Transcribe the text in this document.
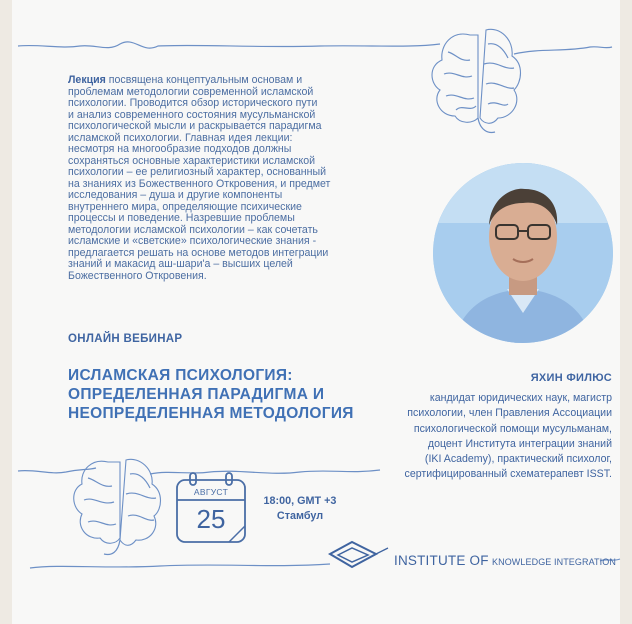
Лекция посвящена концептуальным основам и
проблемам методологии современной исламской
психологии. Проводится обзор исторического пути
и анализ современного состояния мусульманской
психологической мысли и раскрывается парадигма
исламской психологии. Главная идея лекции:
несмотря на многообразие подходов должны
сохраняться основные характеристики исламской
психологии – ее религиозный характер, основанный
на знаниях из Божественного Откровения, и предмет
исследования – душа и другие компоненты
внутреннего мира, определяющие психические
процессы и поведение. Назревшие проблемы
методологии исламской психологии – как сочетать
исламские и «светские» психологические знания -
предлагается решать на основе методов интеграции
знаний и макасид аш-шари'а – высших целей
Божественного Откровения.

ОНЛАЙН ВЕБИНАР
ИСЛАМСКАЯ ПСИХОЛОГИЯ:
ОПРЕДЕЛЕННАЯ ПАРАДИГМА И
НЕОПРЕДЕЛЕННАЯ МЕТОДОЛОГИЯ
ЯХИН ФИЛЮС
кандидат юридических наук, магистр
психологии, член Правления Ассоциации
психологической помощи мусульманам,
доцент Института интеграции знаний
(IKI Academy), практический психолог,
сертифицированный схематерапевт ISST.
АВГУСТ
25
18:00, GMT +3
Стамбул
INSTITUTE OF KNOWLEDGE INTEGRATION
